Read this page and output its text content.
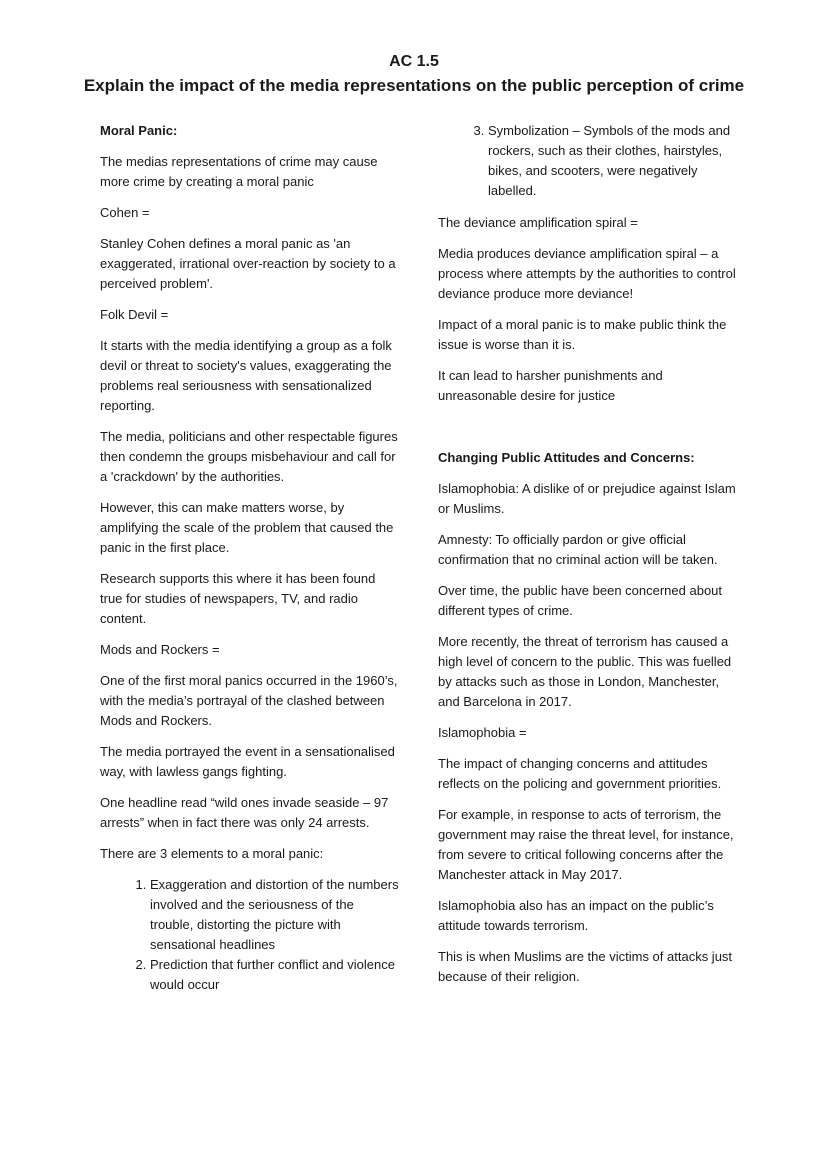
AC 1.5
Explain the impact of the media representations on the public perception of crime

Moral Panic:

The medias representations of crime may cause more crime by creating a moral panic

Cohen =

Stanley Cohen defines a moral panic as 'an exaggerated, irrational over-reaction by society to a perceived problem'.

Folk Devil =

It starts with the media identifying a group as a folk devil or threat to society's values, exaggerating the problems real seriousness with sensationalized reporting.

The media, politicians and other respectable figures then condemn the groups misbehaviour and call for a 'crackdown' by the authorities.

However, this can make matters worse, by amplifying the scale of the problem that caused the panic in the first place.

Research supports this where it has been found true for studies of newspapers, TV, and radio content.

Mods and Rockers =

One of the first moral panics occurred in the 1960’s, with the media’s portrayal of the clashed between Mods and Rockers.

The media portrayed the event in a sensationalised way, with lawless gangs fighting.

One headline read “wild ones invade seaside – 97 arrests” when in fact there was only 24 arrests.

There are 3 elements to a moral panic:

1. Exaggeration and distortion of the numbers involved and the seriousness of the trouble, distorting the picture with sensational headlines
2. Prediction that further conflict and violence would occur
3. Symbolization – Symbols of the mods and rockers, such as their clothes, hairstyles, bikes, and scooters, were negatively labelled.

The deviance amplification spiral =

Media produces deviance amplification spiral – a process where attempts by the authorities to control deviance produce more deviance!

Impact of a moral panic is to make public think the issue is worse than it is.

It can lead to harsher punishments and unreasonable desire for justice

Changing Public Attitudes and Concerns:

Islamophobia: A dislike of or prejudice against Islam or Muslims.

Amnesty: To officially pardon or give official confirmation that no criminal action will be taken.

Over time, the public have been concerned about different types of crime.

More recently, the threat of terrorism has caused a high level of concern to the public. This was fuelled by attacks such as those in London, Manchester, and Barcelona in 2017.

Islamophobia =

The impact of changing concerns and attitudes reflects on the policing and government priorities.

For example, in response to acts of terrorism, the government may raise the threat level, for instance, from severe to critical following concerns after the Manchester attack in May 2017.

Islamophobia also has an impact on the public’s attitude towards terrorism.

This is when Muslims are the victims of attacks just because of their religion.
